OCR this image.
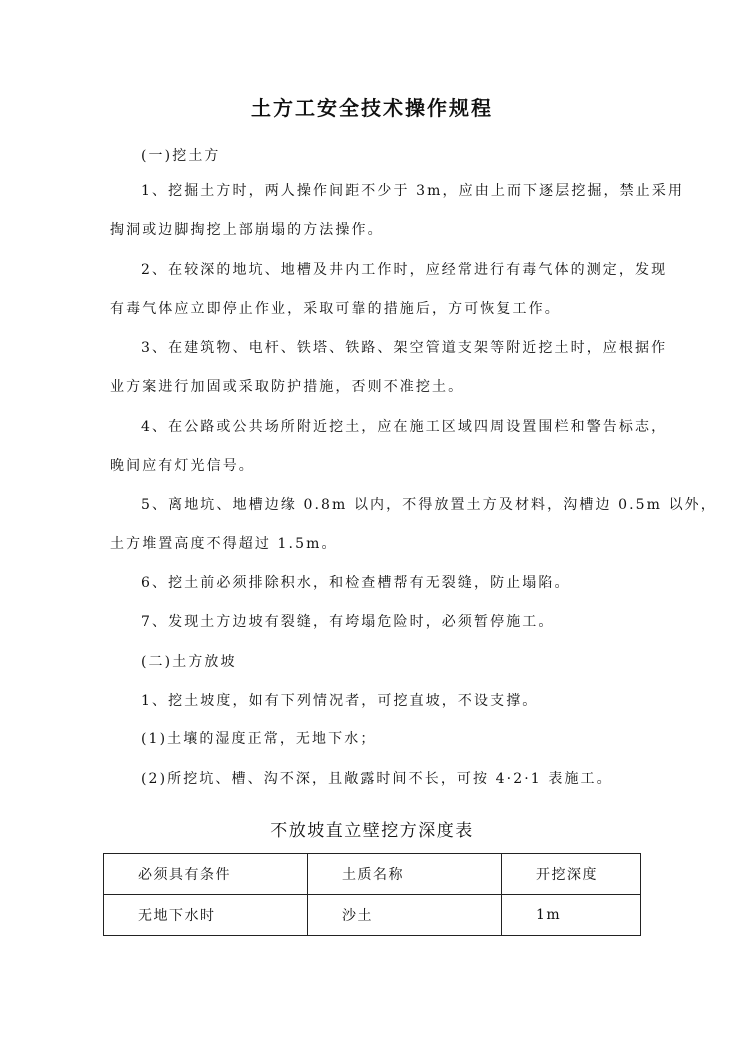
土方工安全技术操作规程

(一)挖土方

1、挖掘土方时，两人操作间距不少于 3m，应由上而下逐层挖掘，禁止采用

掏洞或边脚掏挖上部崩塌的方法操作。

2、在较深的地坑、地槽及井内工作时，应经常进行有毒气体的测定，发现

有毒气体应立即停止作业，采取可靠的措施后，方可恢复工作。

3、在建筑物、电杆、铁塔、铁路、架空管道支架等附近挖土时，应根据作

业方案进行加固或采取防护措施，否则不准挖土。

4、在公路或公共场所附近挖土，应在施工区域四周设置围栏和警告标志，

晚间应有灯光信号。

5、离地坑、地槽边缘 0.8m 以内，不得放置土方及材料，沟槽边 0.5m 以外，

土方堆置高度不得超过 1.5m。

6、挖土前必须排除积水，和检查槽帮有无裂缝，防止塌陷。

7、发现土方边坡有裂缝，有垮塌危险时，必须暂停施工。

(二)土方放坡

1、挖土坡度，如有下列情况者，可挖直坡，不设支撑。

(1)土壤的湿度正常，无地下水；

(2)所挖坑、槽、沟不深，且敞露时间不长，可按 4·2·1 表施工。

不放坡直立壁挖方深度表

必须具有条件	土质名称	开挖深度
无地下水时	沙土	1m
